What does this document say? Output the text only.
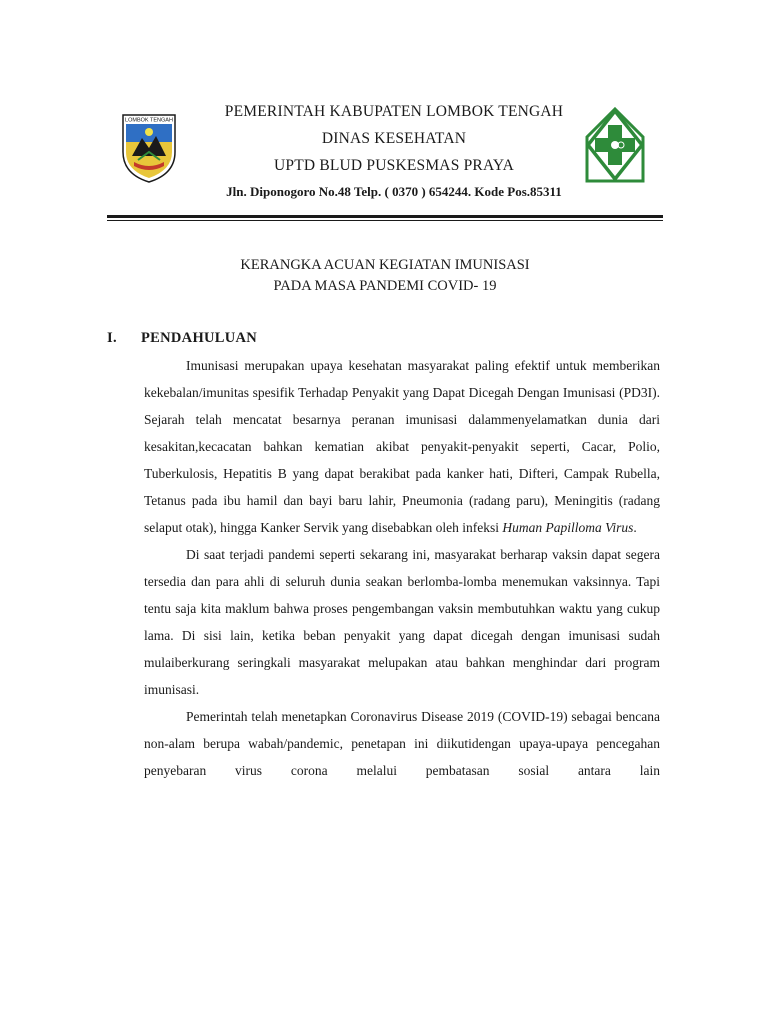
LOMBOK TENGAH
PEMERINTAH KABUPATEN LOMBOK TENGAH
DINAS KESEHATAN
UPTD BLUD PUSKESMAS PRAYA
Jln. Diponogoro No.48 Telp. ( 0370 ) 654244. Kode Pos.85311
KERANGKA ACUAN KEGIATAN IMUNISASI
PADA MASA PANDEMI COVID- 19
I. PENDAHULUAN

Imunisasi merupakan upaya kesehatan masyarakat paling efektif untuk memberikan kekebalan/imunitas spesifik Terhadap Penyakit yang Dapat Dicegah Dengan Imunisasi (PD3I). Sejarah telah mencatat besarnya peranan imunisasi dalammenyelamatkan dunia dari kesakitan,kecacatan bahkan kematian akibat penyakit-penyakit seperti, Cacar, Polio, Tuberkulosis, Hepatitis B yang dapat berakibat pada kanker hati, Difteri, Campak Rubella, Tetanus pada ibu hamil dan bayi baru lahir, Pneumonia (radang paru), Meningitis (radang selaput otak), hingga Kanker Servik yang disebabkan oleh infeksi Human Papilloma Virus.

Di saat terjadi pandemi seperti sekarang ini, masyarakat berharap vaksin dapat segera tersedia dan para ahli di seluruh dunia seakan berlomba-lomba menemukan vaksinnya. Tapi tentu saja kita maklum bahwa proses pengembangan vaksin membutuhkan waktu yang cukup lama. Di sisi lain, ketika beban penyakit yang dapat dicegah dengan imunisasi sudah mulaiberkurang seringkali masyarakat melupakan atau bahkan menghindar dari program imunisasi.

Pemerintah telah menetapkan Coronavirus Disease 2019 (COVID-19) sebagai bencana non-alam berupa wabah/pandemic, penetapan ini diikutidengan upaya-upaya pencegahan penyebaran virus corona melalui pembatasan sosial antara lain
